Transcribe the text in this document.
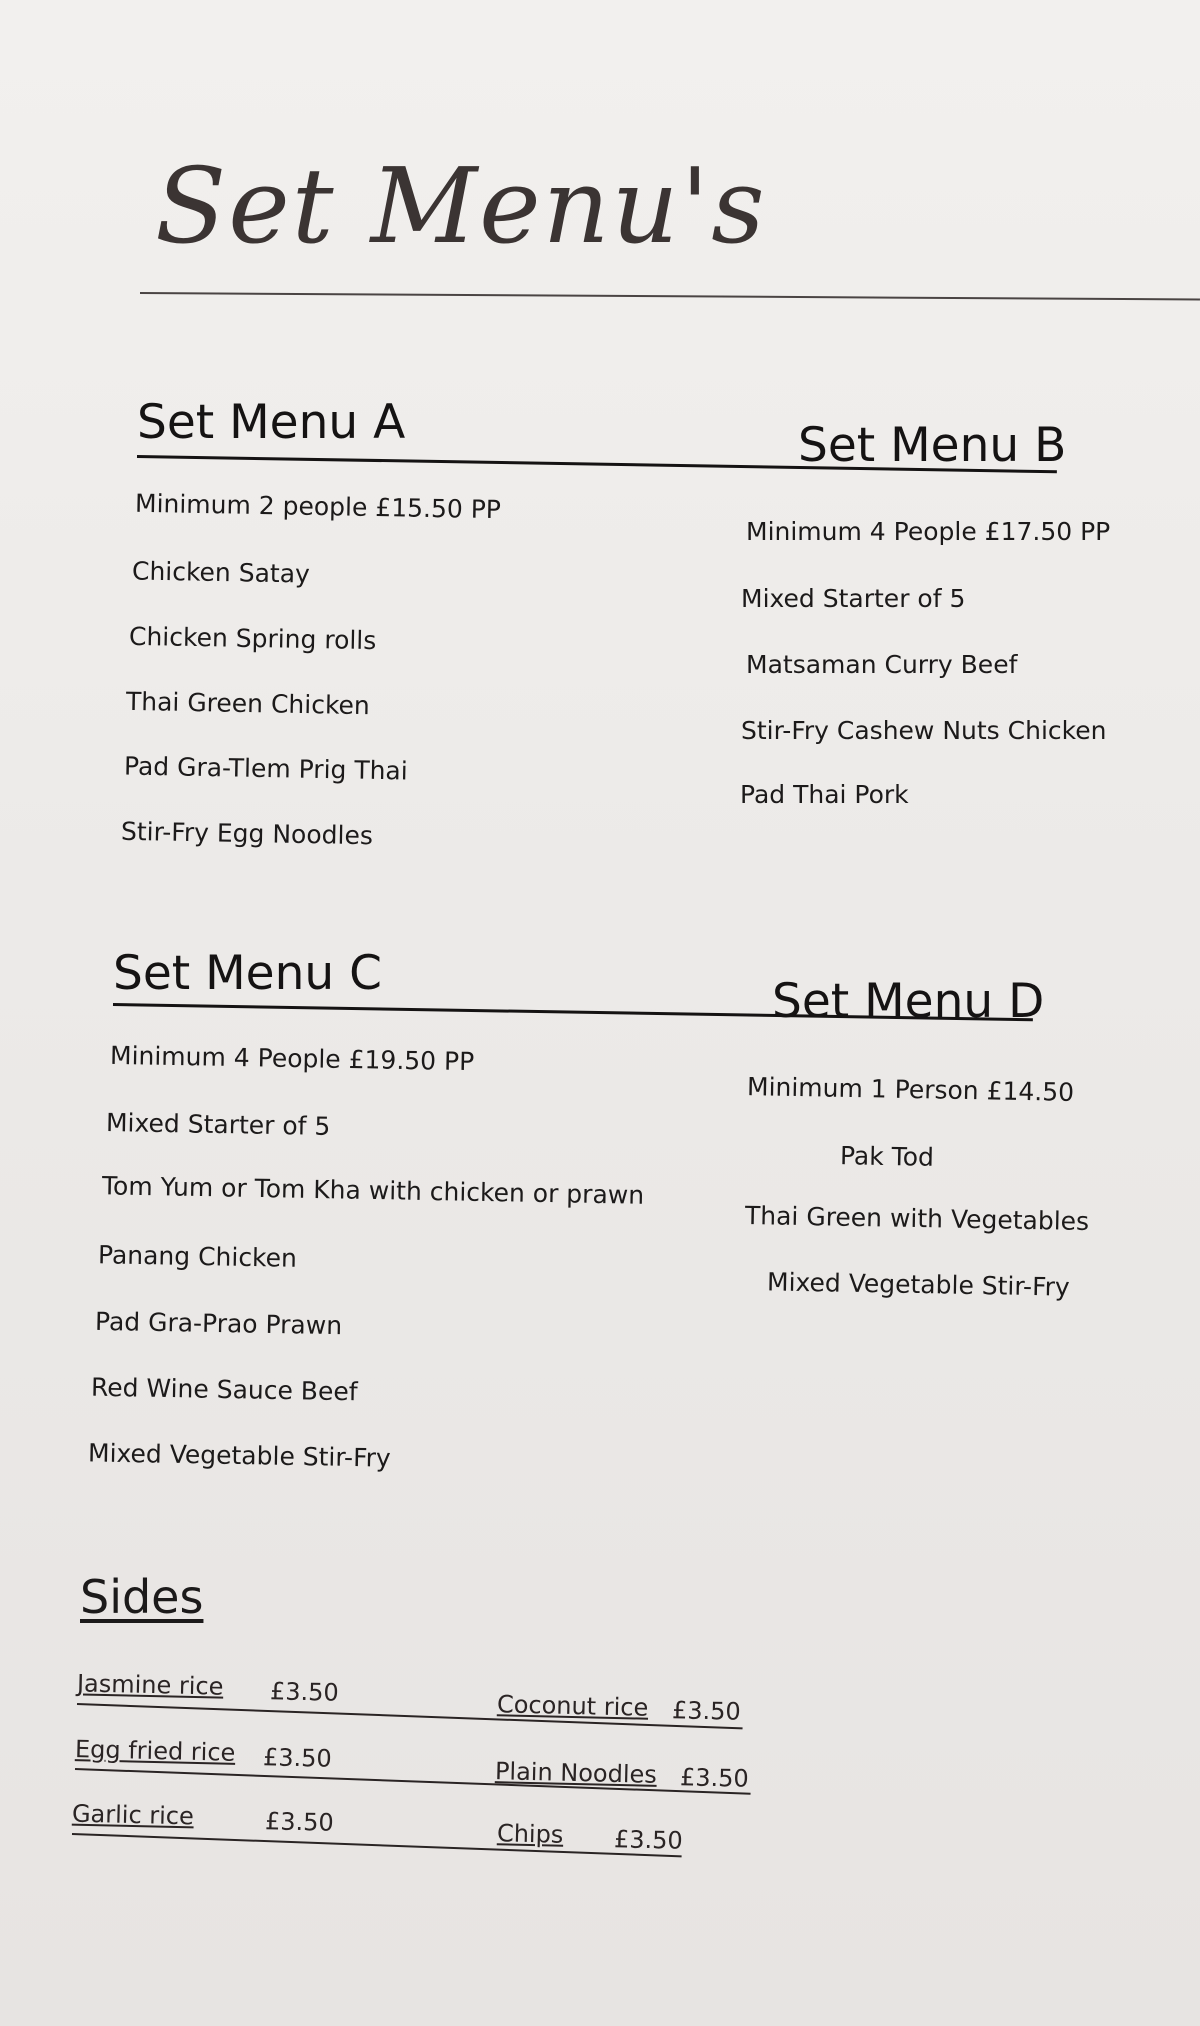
Set Menu's
Set Menu A
Minimum 2 people £15.50 PP
Chicken Satay
Chicken Spring rolls
Thai Green Chicken
Pad Gra-Tlem Prig Thai
Stir-Fry Egg Noodles
Set Menu B
Minimum 4 People £17.50 PP
Mixed Starter of 5
Matsaman Curry Beef
Stir-Fry Cashew Nuts Chicken
Pad Thai Pork
Set Menu C
Minimum 4 People £19.50 PP
Mixed Starter of 5
Tom Yum or Tom Kha with chicken or prawn
Panang Chicken
Pad Gra-Prao Prawn
Red Wine Sauce Beef
Mixed Vegetable Stir-Fry
Set Menu D
Minimum 1 Person £14.50
Pak Tod
Thai Green with Vegetables
Mixed Vegetable Stir-Fry
Sides
Jasmine rice £3.50	Coconut rice £3.50
Egg fried rice £3.50	Plain Noodles £3.50
Garlic rice	£3.50	Chips £3.50
